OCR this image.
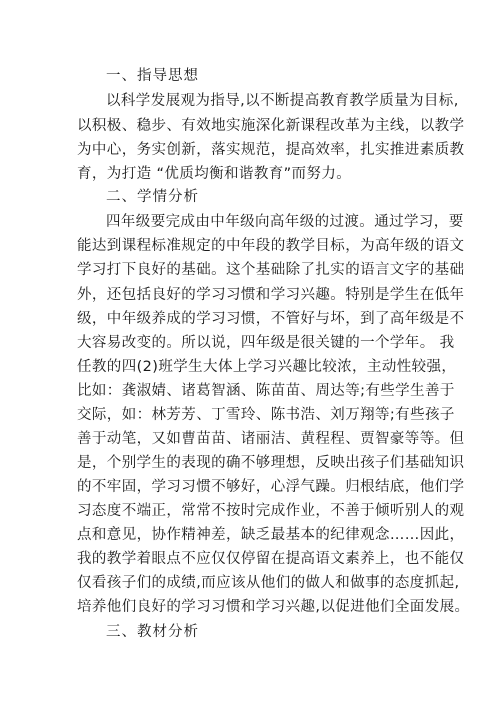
一、指导思想
以科学发展观为指导,以不断提高教育教学质量为目标,
以积极、稳步、有效地实施深化新课程改革为主线，以教学
为中心，务实创新，落实规范，提高效率，扎实推进素质教
育，为打造 “优质均衡和谐教育”而努力。
二、学情分析
四年级要完成由中年级向高年级的过渡。通过学习，要
能达到课程标准规定的中年段的教学目标，为高年级的语文
学习打下良好的基础。这个基础除了扎实的语言文字的基础
外，还包括良好的学习习惯和学习兴趣。特别是学生在低年
级，中年级养成的学习习惯，不管好与坏，到了高年级是不
大容易改变的。所以说，四年级是很关键的一个学年。 我
任教的四(2)班学生大体上学习兴趣比较浓，主动性较强，
比如：龚淑婧、诸葛智涵、陈苗苗、周达等;有些学生善于
交际，如：林芳芳、丁雪玲、陈书浩、刘万翔等;有些孩子
善于动笔，又如曹苗苗、诸丽洁、黄程程、贾智豪等等。但
是，个别学生的表现的确不够理想，反映出孩子们基础知识
的不牢固，学习习惯不够好，心浮气躁。归根结底，他们学
习态度不端正，常常不按时完成作业，不善于倾听别人的观
点和意见，协作精神差，缺乏最基本的纪律观念……因此，
我的教学着眼点不应仅仅停留在提高语文素养上，也不能仅
仅看孩子们的成绩,而应该从他们的做人和做事的态度抓起,
培养他们良好的学习习惯和学习兴趣,以促进他们全面发展。
三、教材分析
